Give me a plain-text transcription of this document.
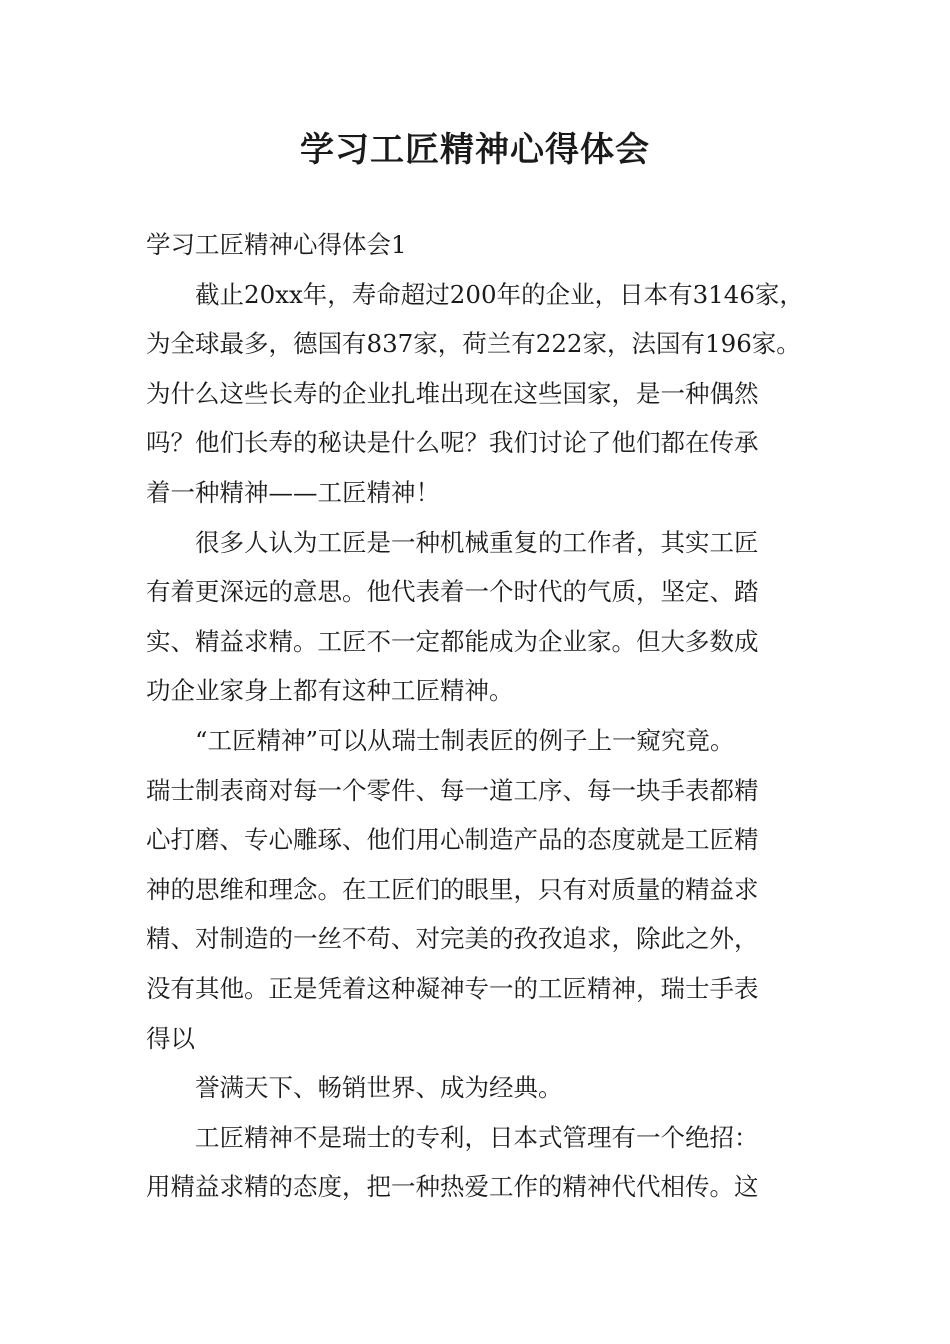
学习工匠精神心得体会

学习工匠精神心得体会1

截止20xx年，寿命超过200年的企业，日本有3146家，
为全球最多，德国有837家，荷兰有222家，法国有196家。
为什么这些长寿的企业扎堆出现在这些国家，是一种偶然
吗？他们长寿的秘诀是什么呢？我们讨论了他们都在传承
着一种精神——工匠精神！

很多人认为工匠是一种机械重复的工作者，其实工匠
有着更深远的意思。他代表着一个时代的气质，坚定、踏
实、精益求精。工匠不一定都能成为企业家。但大多数成
功企业家身上都有这种工匠精神。

“工匠精神”可以从瑞士制表匠的例子上一窥究竟。
瑞士制表商对每一个零件、每一道工序、每一块手表都精
心打磨、专心雕琢、他们用心制造产品的态度就是工匠精
神的思维和理念。在工匠们的眼里，只有对质量的精益求
精、对制造的一丝不苟、对完美的孜孜追求，除此之外，
没有其他。正是凭着这种凝神专一的工匠精神，瑞士手表
得以

誉满天下、畅销世界、成为经典。

工匠精神不是瑞士的专利，日本式管理有一个绝招：
用精益求精的态度，把一种热爱工作的精神代代相传。这
